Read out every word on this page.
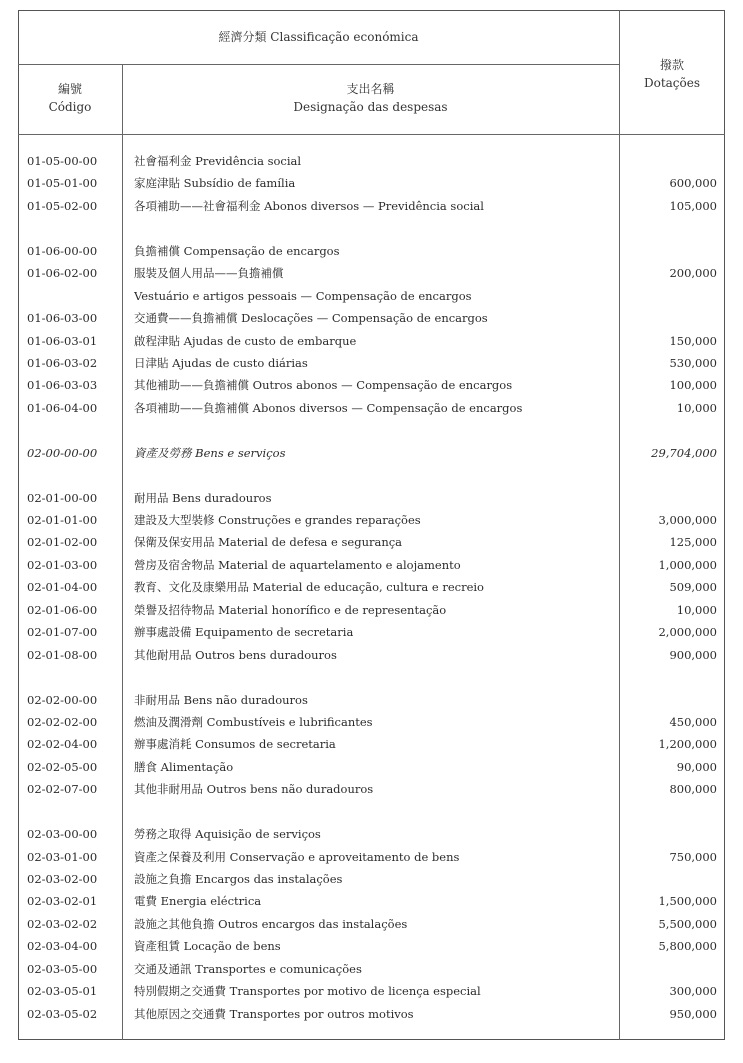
經濟分類 Classificação económica
編號
Código
支出名稱
Designação das despesas
撥款
Dotações
01-05-00-00	社會福利金 Previdência social
01-05-01-00	家庭津貼 Subsídio de família	600,000
01-05-02-00	各項補助——社會福利金 Abonos diversos — Previdência social	105,000
01-06-00-00	負擔補償 Compensação de encargos
01-06-02-00	服裝及個人用品——負擔補償	200,000
Vestuário e artigos pessoais — Compensação de encargos
01-06-03-00	交通費——負擔補償 Deslocações — Compensação de encargos
01-06-03-01	啟程津貼 Ajudas de custo de embarque	150,000
01-06-03-02	日津貼 Ajudas de custo diárias	530,000
01-06-03-03	其他補助——負擔補償 Outros abonos — Compensação de encargos	100,000
01-06-04-00	各項補助——負擔補償 Abonos diversos — Compensação de encargos	10,000
02-00-00-00	資產及勞務 Bens e serviços	29,704,000
02-01-00-00	耐用品 Bens duradouros
02-01-01-00	建設及大型裝修 Construções e grandes reparações	3,000,000
02-01-02-00	保衛及保安用品 Material de defesa e segurança	125,000
02-01-03-00	營房及宿舍物品 Material de aquartelamento e alojamento	1,000,000
02-01-04-00	教育、文化及康樂用品 Material de educação, cultura e recreio	509,000
02-01-06-00	榮譽及招待物品 Material honorífico e de representação	10,000
02-01-07-00	辦事處設備 Equipamento de secretaria	2,000,000
02-01-08-00	其他耐用品 Outros bens duradouros	900,000
02-02-00-00	非耐用品 Bens não duradouros
02-02-02-00	燃油及潤滑劑 Combustíveis e lubrificantes	450,000
02-02-04-00	辦事處消耗 Consumos de secretaria	1,200,000
02-02-05-00	膳食 Alimentação	90,000
02-02-07-00	其他非耐用品 Outros bens não duradouros	800,000
02-03-00-00	勞務之取得 Aquisição de serviços
02-03-01-00	資產之保養及利用 Conservação e aproveitamento de bens	750,000
02-03-02-00	設施之負擔 Encargos das instalações
02-03-02-01	電費 Energia eléctrica	1,500,000
02-03-02-02	設施之其他負擔 Outros encargos das instalações	5,500,000
02-03-04-00	資產租賃 Locação de bens	5,800,000
02-03-05-00	交通及通訊 Transportes e comunicações
02-03-05-01	特別假期之交通費 Transportes por motivo de licença especial	300,000
02-03-05-02	其他原因之交通費 Transportes por outros motivos	950,000
